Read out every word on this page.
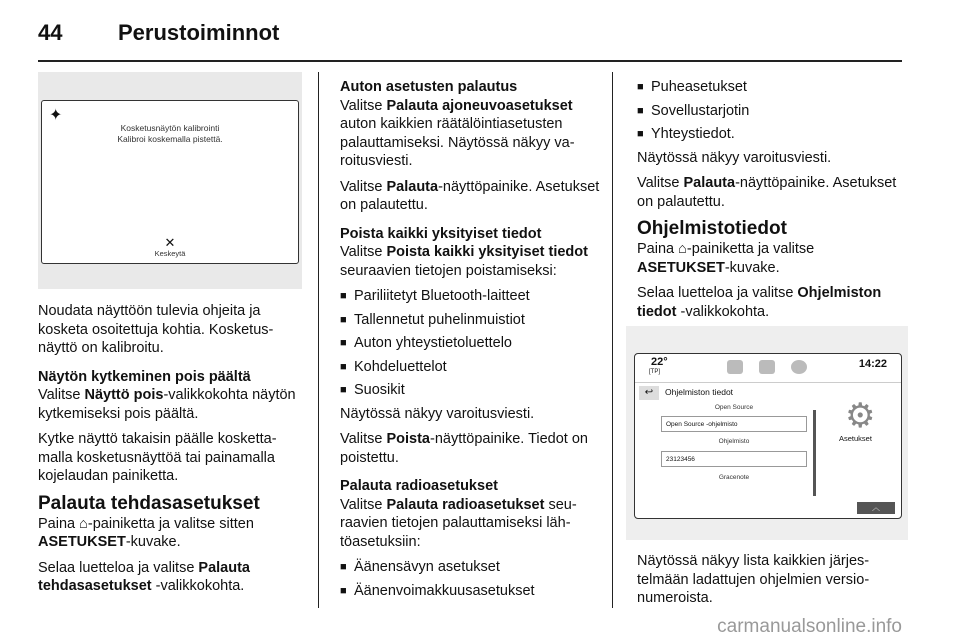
44	Perustoiminnot
✦
Kosketusnäytön kalibrointi
Kalibroi koskemalla pistettä.
✕
Keskeytä

Noudata näyttöön tulevia ohjeita ja kosketa osoitettuja kohtia. Kosketusnäyttö on kalibroitu.

Näytön kytkeminen pois päältä

Valitse Näyttö pois-valikkokohta näytön kytkemiseksi pois päältä.

Kytke näyttö takaisin päälle koskettamalla kosketusnäyttöä tai painamalla kojelaudan painiketta.

Palauta tehdasasetukset

Paina ⌂-painiketta ja valitse sitten ASETUKSET-kuvake.

Selaa luetteloa ja valitse Palauta tehdasasetukset -valikkokohta.

Auton asetusten palautus

Valitse Palauta ajoneuvoasetukset auton kaikkien räätälöintiasetusten palauttamiseksi. Näytössä näkyy varoitusviesti.

Valitse Palauta-näyttöpainike. Asetukset on palautettu.

Poista kaikki yksityiset tiedot

Valitse Poista kaikki yksityiset tiedot seuraavien tietojen poistamiseksi:

■ Pariliitetyt Bluetooth-laitteet
■ Tallennetut puhelinmuistiot
■ Auton yhteystietoluettelo
■ Kohdeluettelot
■ Suosikit

Näytössä näkyy varoitusviesti.

Valitse Poista-näyttöpainike. Tiedot on poistettu.

Palauta radioasetukset

Valitse Palauta radioasetukset seuraavien tietojen palauttamiseksi lähtöasetuksiin:

■ Äänensävyn asetukset
■ Äänenvoimakkuusasetukset
■ Puheasetukset
■ Sovellustarjotin
■ Yhteystiedot.

Näytössä näkyy varoitusviesti.

Valitse Palauta-näyttöpainike. Asetukset on palautettu.

Ohjelmistotiedot

Paina ⌂-painiketta ja valitse ASETUKSET-kuvake.

Selaa luetteloa ja valitse Ohjelmiston tiedot -valikkokohta.

22°
[TP]
14:22
↩	Ohjelmiston tiedot
Open Source
Open Source -ohjelmisto
Ohjelmisto
23123456
Gracenote
⚙
Asetukset
︿

Näytössä näkyy lista kaikkien järjestelmään ladattujen ohjelmien versionumeroista.

carmanualsonline.info
